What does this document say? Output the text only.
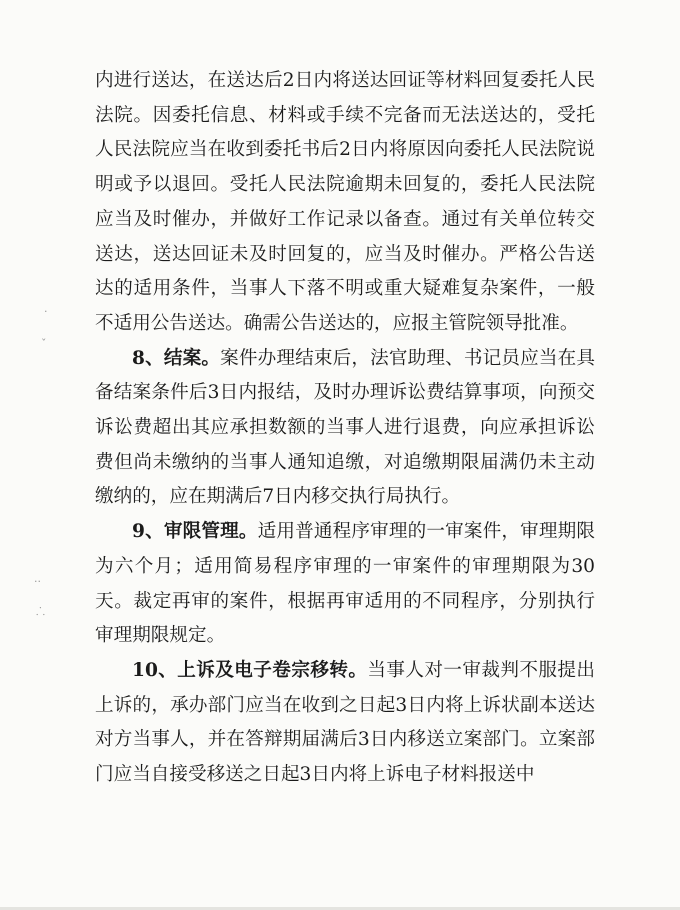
内进行送达，在送达后2日内将送达回证等材料回复委托人民法院。因委托信息、材料或手续不完备而无法送达的，受托人民法院应当在收到委托书后2日内将原因向委托人民法院说明或予以退回。受托人民法院逾期未回复的，委托人民法院应当及时催办，并做好工作记录以备查。通过有关单位转交送达，送达回证未及时回复的，应当及时催办。严格公告送达的适用条件，当事人下落不明或重大疑难复杂案件，一般不适用公告送达。确需公告送达的，应报主管院领导批准。

8、结案。案件办理结束后，法官助理、书记员应当在具备结案条件后3日内报结，及时办理诉讼费结算事项，向预交诉讼费超出其应承担数额的当事人进行退费，向应承担诉讼费但尚未缴纳的当事人通知追缴，对追缴期限届满仍未主动缴纳的，应在期满后7日内移交执行局执行。

9、审限管理。适用普通程序审理的一审案件，审理期限为六个月；适用简易程序审理的一审案件的审理期限为30天。裁定再审的案件，根据再审适用的不同程序，分别执行审理期限规定。

10、上诉及电子卷宗移转。当事人对一审裁判不服提出上诉的，承办部门应当在收到之日起3日内将上诉状副本送达对方当事人，并在答辩期届满后3日内移送立案部门。立案部门应当自接受移送之日起3日内将上诉电子材料报送中

·
ˇ
··
⸫
